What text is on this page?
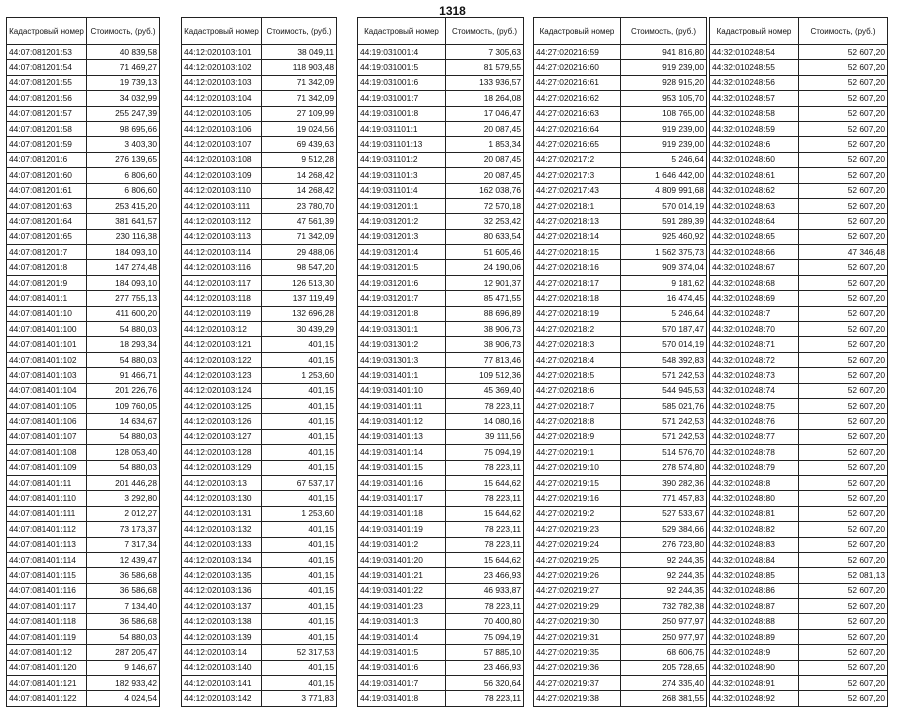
1318
Кадастровый номер	Стоимость, (руб.)
44:07:081201:53	40 839,58
44:07:081201:54	71 469,27
44:07:081201:55	19 739,13
44:07:081201:56	34 032,99
44:07:081201:57	255 247,39
44:07:081201:58	98 695,66
44:07:081201:59	3 403,30
44:07:081201:6	276 139,65
44:07:081201:60	6 806,60
44:07:081201:61	6 806,60
44:07:081201:63	253 415,20
44:07:081201:64	381 641,57
44:07:081201:65	230 116,38
44:07:081201:7	184 093,10
44:07:081201:8	147 274,48
44:07:081201:9	184 093,10
44:07:081401:1	277 755,13
44:07:081401:10	411 600,20
44:07:081401:100	54 880,03
44:07:081401:101	18 293,34
44:07:081401:102	54 880,03
44:07:081401:103	91 466,71
44:07:081401:104	201 226,76
44:07:081401:105	109 760,05
44:07:081401:106	14 634,67
44:07:081401:107	54 880,03
44:07:081401:108	128 053,40
44:07:081401:109	54 880,03
44:07:081401:11	201 446,28
44:07:081401:110	3 292,80
44:07:081401:111	2 012,27
44:07:081401:112	73 173,37
44:07:081401:113	7 317,34
44:07:081401:114	12 439,47
44:07:081401:115	36 586,68
44:07:081401:116	36 586,68
44:07:081401:117	7 134,40
44:07:081401:118	36 586,68
44:07:081401:119	54 880,03
44:07:081401:12	287 205,47
44:07:081401:120	9 146,67
44:07:081401:121	182 933,42
44:07:081401:122	4 024,54
Кадастровый номер	Стоимость, (руб.)
44:12:020103:101	38 049,11
44:12:020103:102	118 903,48
44:12:020103:103	71 342,09
44:12:020103:104	71 342,09
44:12:020103:105	27 109,99
44:12:020103:106	19 024,56
44:12:020103:107	69 439,63
44:12:020103:108	9 512,28
44:12:020103:109	14 268,42
44:12:020103:110	14 268,42
44:12:020103:111	23 780,70
44:12:020103:112	47 561,39
44:12:020103:113	71 342,09
44:12:020103:114	29 488,06
44:12:020103:116	98 547,20
44:12:020103:117	126 513,30
44:12:020103:118	137 119,49
44:12:020103:119	132 696,28
44:12:020103:12	30 439,29
44:12:020103:121	401,15
44:12:020103:122	401,15
44:12:020103:123	1 253,60
44:12:020103:124	401,15
44:12:020103:125	401,15
44:12:020103:126	401,15
44:12:020103:127	401,15
44:12:020103:128	401,15
44:12:020103:129	401,15
44:12:020103:13	67 537,17
44:12:020103:130	401,15
44:12:020103:131	1 253,60
44:12:020103:132	401,15
44:12:020103:133	401,15
44:12:020103:134	401,15
44:12:020103:135	401,15
44:12:020103:136	401,15
44:12:020103:137	401,15
44:12:020103:138	401,15
44:12:020103:139	401,15
44:12:020103:14	52 317,53
44:12:020103:140	401,15
44:12:020103:141	401,15
44:12:020103:142	3 771,83
Кадастровый номер	Стоимость, (руб.)
44:19:031001:4	7 305,63
44:19:031001:5	81 579,55
44:19:031001:6	133 936,57
44:19:031001:7	18 264,08
44:19:031001:8	17 046,47
44:19:031101:1	20 087,45
44:19:031101:13	1 853,34
44:19:031101:2	20 087,45
44:19:031101:3	20 087,45
44:19:031101:4	162 038,76
44:19:031201:1	72 570,18
44:19:031201:2	32 253,42
44:19:031201:3	80 633,54
44:19:031201:4	51 605,46
44:19:031201:5	24 190,06
44:19:031201:6	12 901,37
44:19:031201:7	85 471,55
44:19:031201:8	88 696,89
44:19:031301:1	38 906,73
44:19:031301:2	38 906,73
44:19:031301:3	77 813,46
44:19:031401:1	109 512,36
44:19:031401:10	45 369,40
44:19:031401:11	78 223,11
44:19:031401:12	14 080,16
44:19:031401:13	39 111,56
44:19:031401:14	75 094,19
44:19:031401:15	78 223,11
44:19:031401:16	15 644,62
44:19:031401:17	78 223,11
44:19:031401:18	15 644,62
44:19:031401:19	78 223,11
44:19:031401:2	78 223,11
44:19:031401:20	15 644,62
44:19:031401:21	23 466,93
44:19:031401:22	46 933,87
44:19:031401:23	78 223,11
44:19:031401:3	70 400,80
44:19:031401:4	75 094,19
44:19:031401:5	57 885,10
44:19:031401:6	23 466,93
44:19:031401:7	56 320,64
44:19:031401:8	78 223,11
Кадастровый номер	Стоимость, (руб.)
44:27:020216:59	941 816,80
44:27:020216:60	919 239,00
44:27:020216:61	928 915,20
44:27:020216:62	953 105,70
44:27:020216:63	108 765,00
44:27:020216:64	919 239,00
44:27:020216:65	919 239,00
44:27:020217:2	5 246,64
44:27:020217:3	1 646 442,00
44:27:020217:43	4 809 991,68
44:27:020218:1	570 014,19
44:27:020218:13	591 289,39
44:27:020218:14	925 460,92
44:27:020218:15	1 562 375,73
44:27:020218:16	909 374,04
44:27:020218:17	9 181,62
44:27:020218:18	16 474,45
44:27:020218:19	5 246,64
44:27:020218:2	570 187,47
44:27:020218:3	570 014,19
44:27:020218:4	548 392,83
44:27:020218:5	571 242,53
44:27:020218:6	544 945,53
44:27:020218:7	585 021,76
44:27:020218:8	571 242,53
44:27:020218:9	571 242,53
44:27:020219:1	514 576,70
44:27:020219:10	278 574,80
44:27:020219:15	390 282,36
44:27:020219:16	771 457,83
44:27:020219:2	527 533,67
44:27:020219:23	529 384,66
44:27:020219:24	276 723,80
44:27:020219:25	92 244,35
44:27:020219:26	92 244,35
44:27:020219:27	92 244,35
44:27:020219:29	732 782,38
44:27:020219:30	250 977,97
44:27:020219:31	250 977,97
44:27:020219:35	68 606,75
44:27:020219:36	205 728,65
44:27:020219:37	274 335,40
44:27:020219:38	268 381,55
Кадастровый номер	Стоимость, (руб.)
44:32:010248:54	52 607,20
44:32:010248:55	52 607,20
44:32:010248:56	52 607,20
44:32:010248:57	52 607,20
44:32:010248:58	52 607,20
44:32:010248:59	52 607,20
44:32:010248:6	52 607,20
44:32:010248:60	52 607,20
44:32:010248:61	52 607,20
44:32:010248:62	52 607,20
44:32:010248:63	52 607,20
44:32:010248:64	52 607,20
44:32:010248:65	52 607,20
44:32:010248:66	47 346,48
44:32:010248:67	52 607,20
44:32:010248:68	52 607,20
44:32:010248:69	52 607,20
44:32:010248:7	52 607,20
44:32:010248:70	52 607,20
44:32:010248:71	52 607,20
44:32:010248:72	52 607,20
44:32:010248:73	52 607,20
44:32:010248:74	52 607,20
44:32:010248:75	52 607,20
44:32:010248:76	52 607,20
44:32:010248:77	52 607,20
44:32:010248:78	52 607,20
44:32:010248:79	52 607,20
44:32:010248:8	52 607,20
44:32:010248:80	52 607,20
44:32:010248:81	52 607,20
44:32:010248:82	52 607,20
44:32:010248:83	52 607,20
44:32:010248:84	52 607,20
44:32:010248:85	52 081,13
44:32:010248:86	52 607,20
44:32:010248:87	52 607,20
44:32:010248:88	52 607,20
44:32:010248:89	52 607,20
44:32:010248:9	52 607,20
44:32:010248:90	52 607,20
44:32:010248:91	52 607,20
44:32:010248:92	52 607,20
